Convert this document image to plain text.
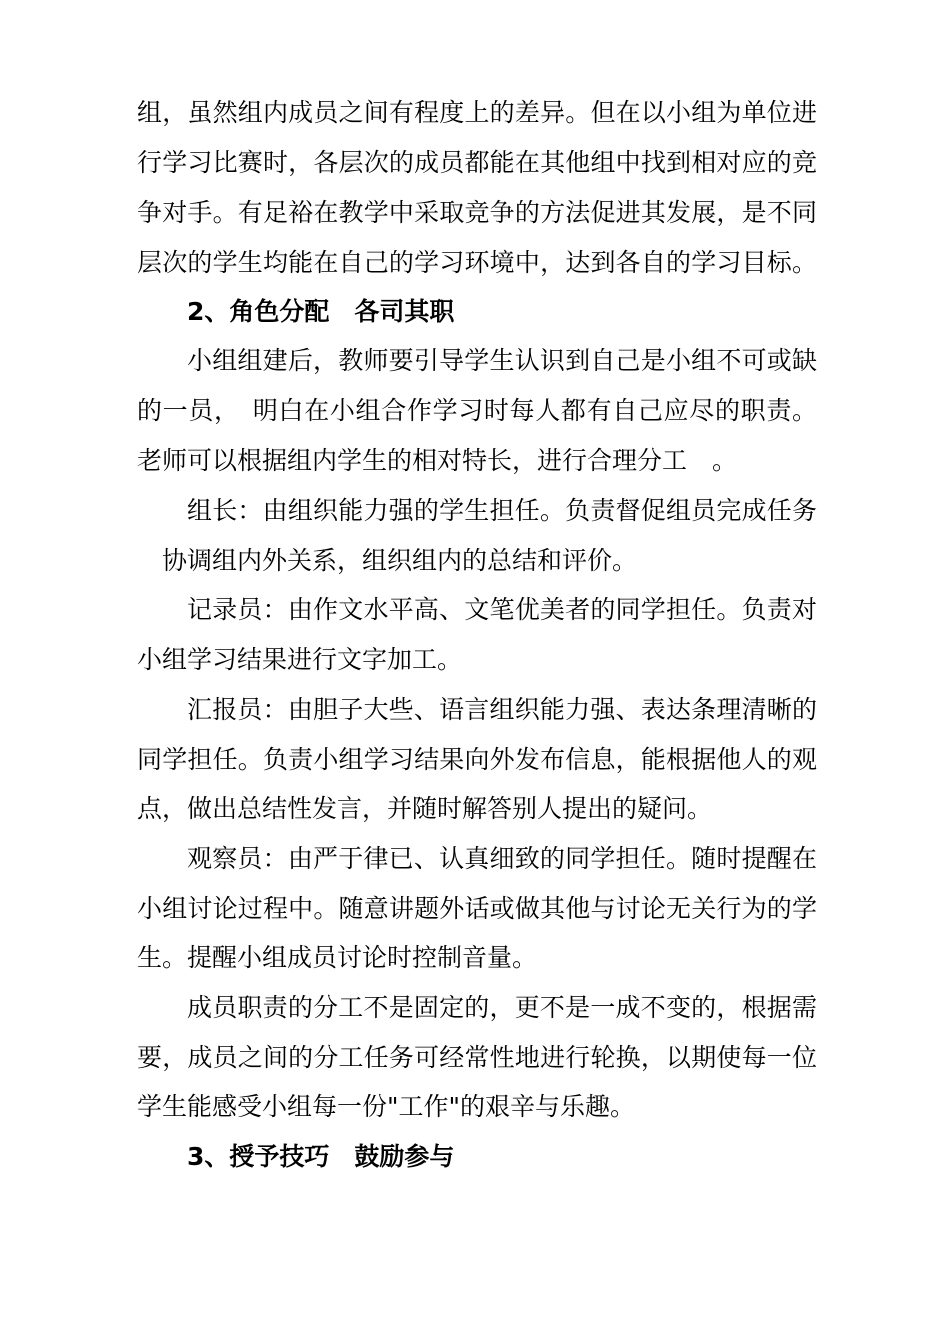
组，虽然组内成员之间有程度上的差异。但在以小组为单位进
行学习比赛时，各层次的成员都能在其他组中找到相对应的竞
争对手。有足裕在教学中采取竞争的方法促进其发展，是不同
层次的学生均能在自己的学习环境中，达到各自的学习目标。
2、角色分配　各司其职
小组组建后，教师要引导学生认识到自己是小组不可或缺
的一员，　明白在小组合作学习时每人都有自己应尽的职责。
老师可以根据组内学生的相对特长，进行合理分工　。
组长：由组织能力强的学生担任。负责督促组员完成任务
协调组内外关系，组织组内的总结和评价。
记录员：由作文水平高、文笔优美者的同学担任。负责对
小组学习结果进行文字加工。
汇报员：由胆子大些、语言组织能力强、表达条理清晰的
同学担任。负责小组学习结果向外发布信息，能根据他人的观
点，做出总结性发言，并随时解答别人提出的疑问。
观察员：由严于律已、认真细致的同学担任。随时提醒在
小组讨论过程中。随意讲题外话或做其他与讨论无关行为的学
生。提醒小组成员讨论时控制音量。
成员职责的分工不是固定的，更不是一成不变的，根据需
要，成员之间的分工任务可经常性地进行轮换，以期使每一位
学生能感受小组每一份"工作"的艰辛与乐趣。
3、授予技巧　鼓励参与
